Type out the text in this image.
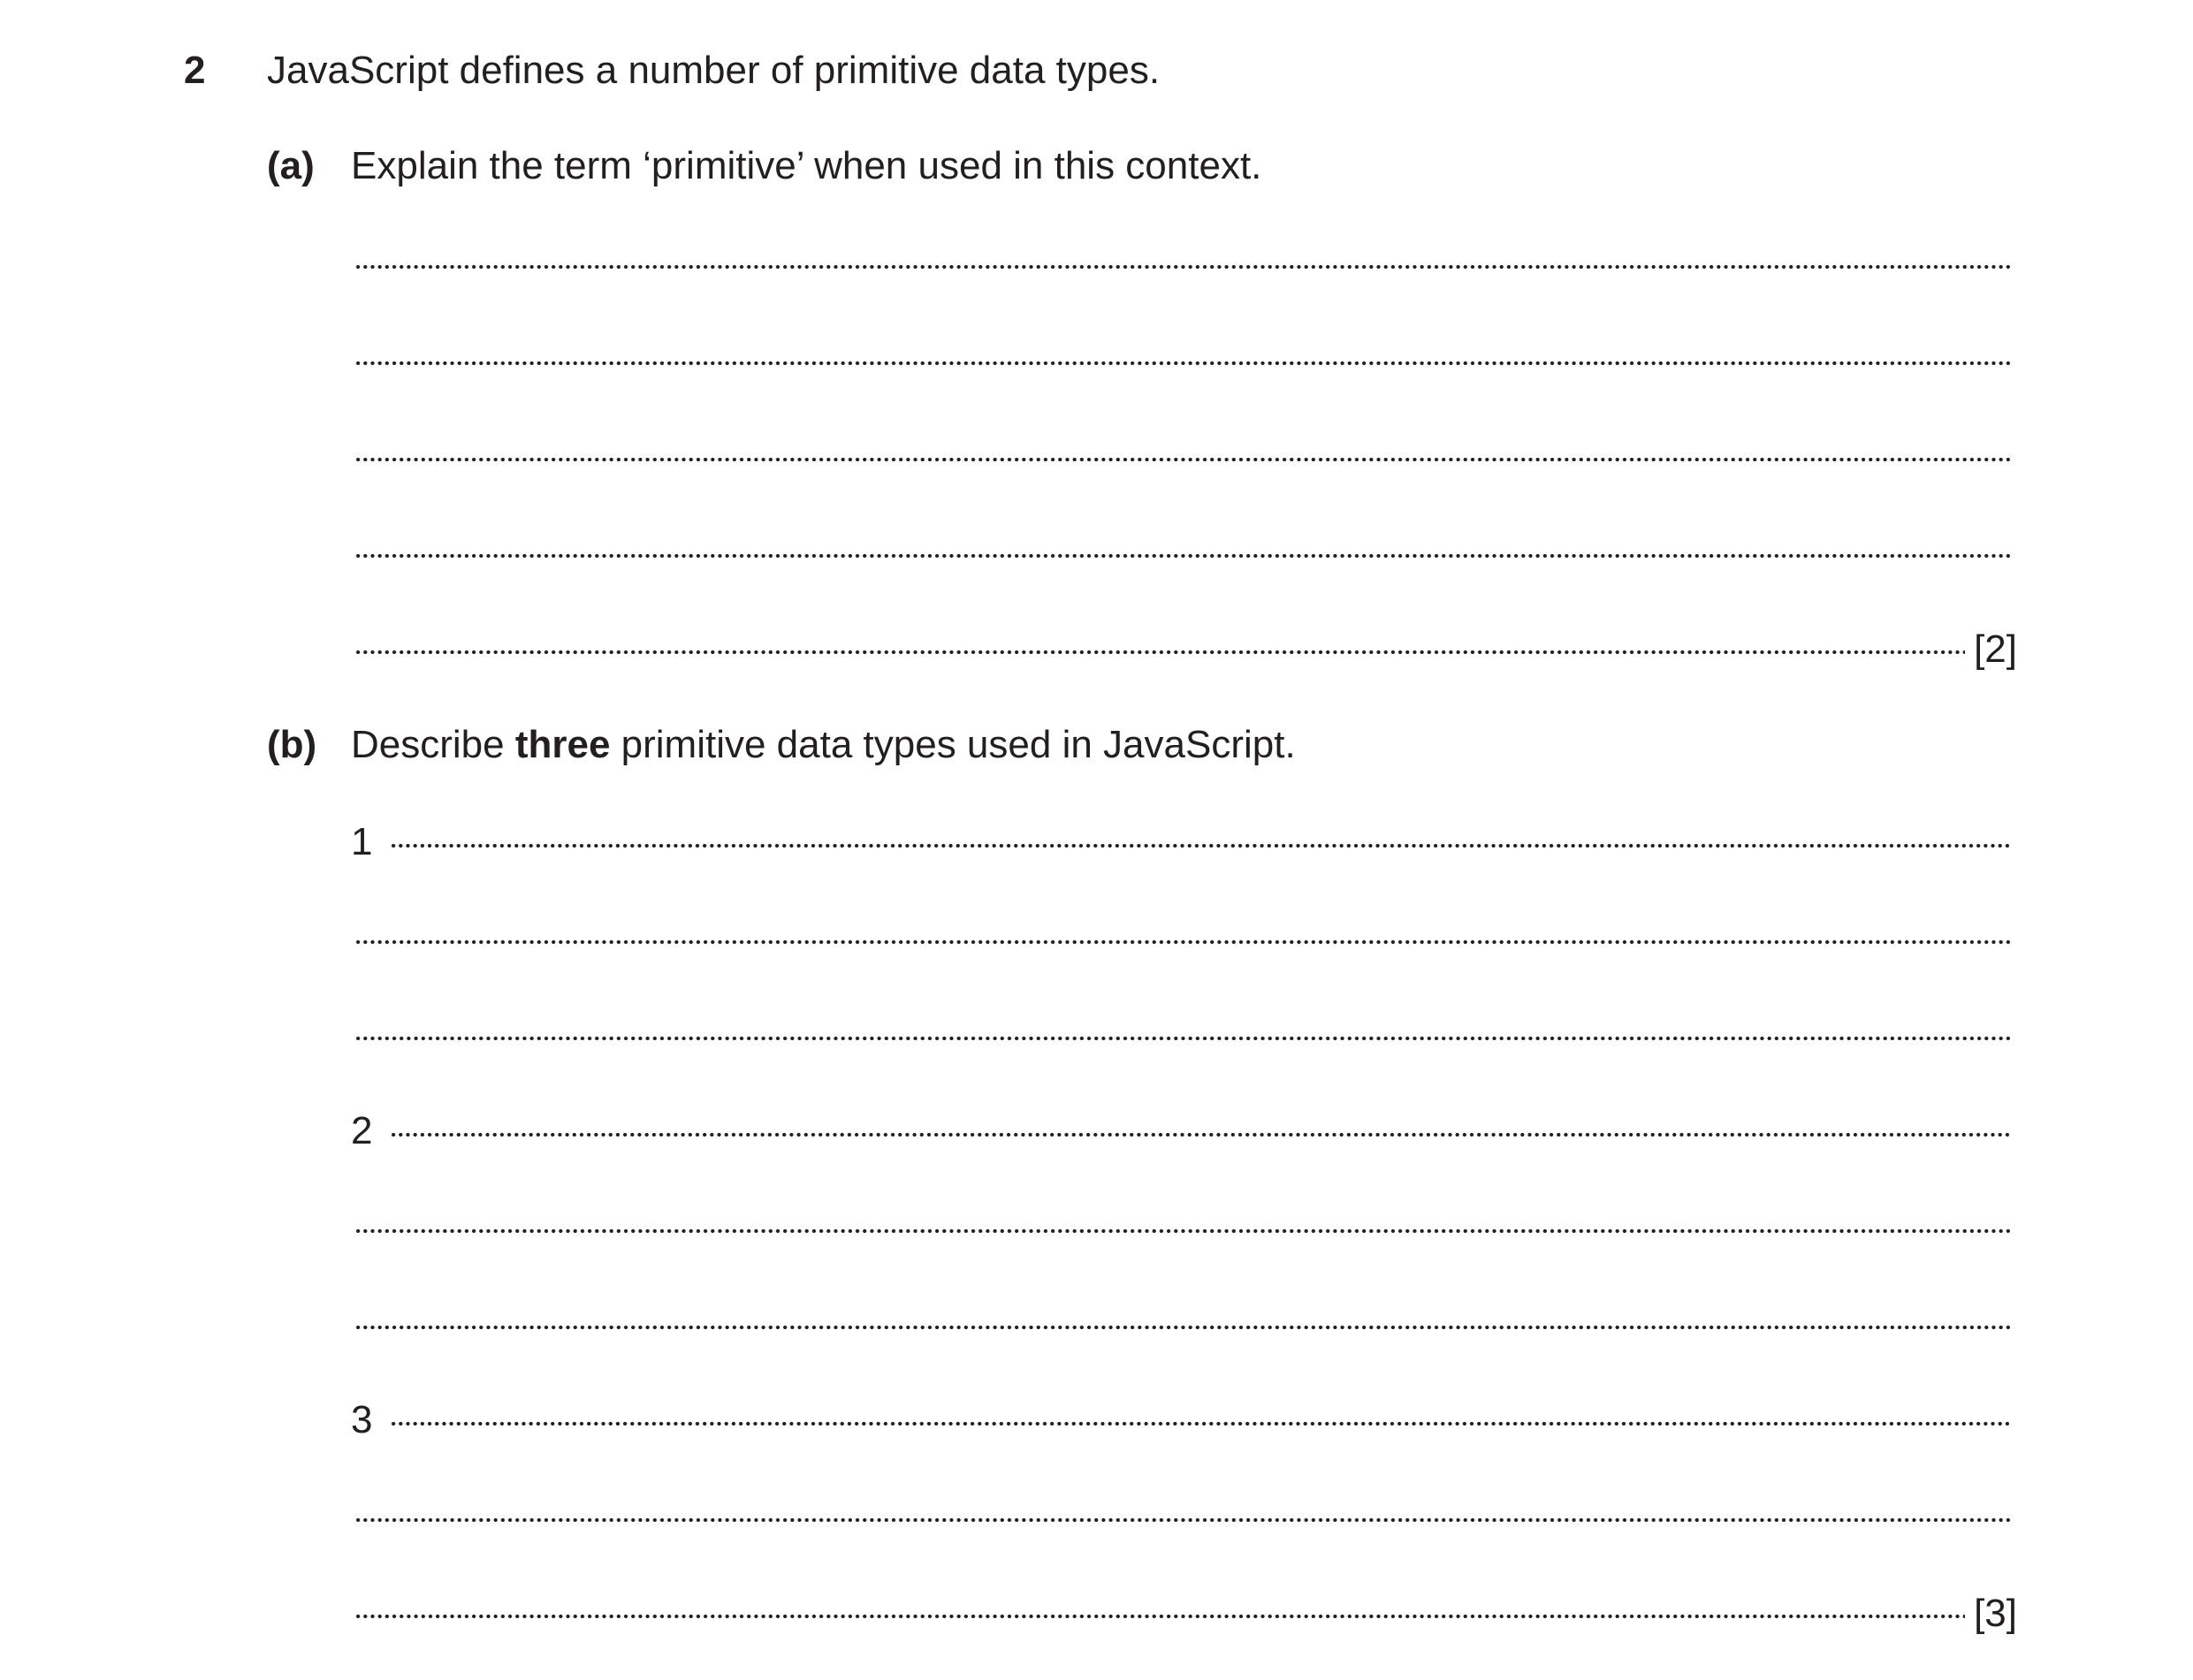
2 JavaScript defines a number of primitive data types.
(a) Explain the term ‘primitive’ when used in this context.
[2]
(b) Describe three primitive data types used in JavaScript.
1
2
3
[3]
